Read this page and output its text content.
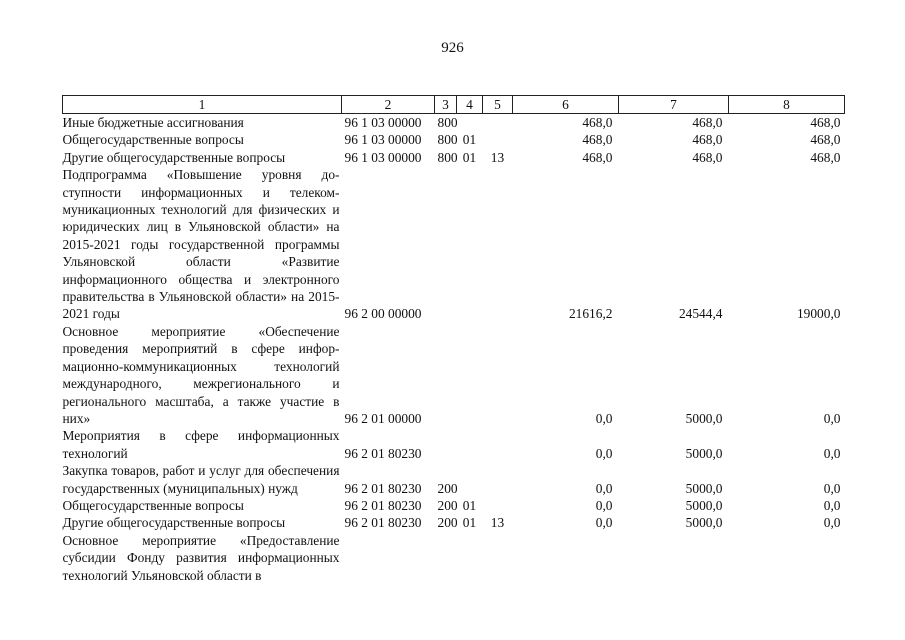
926
1	2	3	4	5	6	7	8
Иные бюджетные ассигнования	96 1 03 00000	800			468,0	468,0	468,0
Общегосударственные вопросы	96 1 03 00000	800	01		468,0	468,0	468,0
Другие общегосударственные вопросы	96 1 03 00000	800	01	13	468,0	468,0	468,0
Подпрограмма «Повышение уровня доступности информационных и телекоммуникационных технологий для физических и юридических лиц в Ульяновской области» на 2015-2021 годы государственной программы Ульяновской области «Развитие информационного общества и электронного правительства в Ульяновской области» на 2015-2021 годы	96 2 00 00000				21616,2	24544,4	19000,0
Основное мероприятие «Обеспечение проведения мероприятий в сфере информационно-коммуникационных технологий международного, межрегионального и регионального масштаба, а также участие в них»	96 2 01 00000				0,0	5000,0	0,0
Мероприятия в сфере информационных технологий	96 2 01 80230				0,0	5000,0	0,0
Закупка товаров, работ и услуг для обеспечения государственных (муниципальных) нужд	96 2 01 80230	200			0,0	5000,0	0,0
Общегосударственные вопросы	96 2 01 80230	200	01		0,0	5000,0	0,0
Другие общегосударственные вопросы	96 2 01 80230	200	01	13	0,0	5000,0	0,0
Основное мероприятие «Предоставление субсидии Фонду развития информационных технологий Ульяновской области в							
